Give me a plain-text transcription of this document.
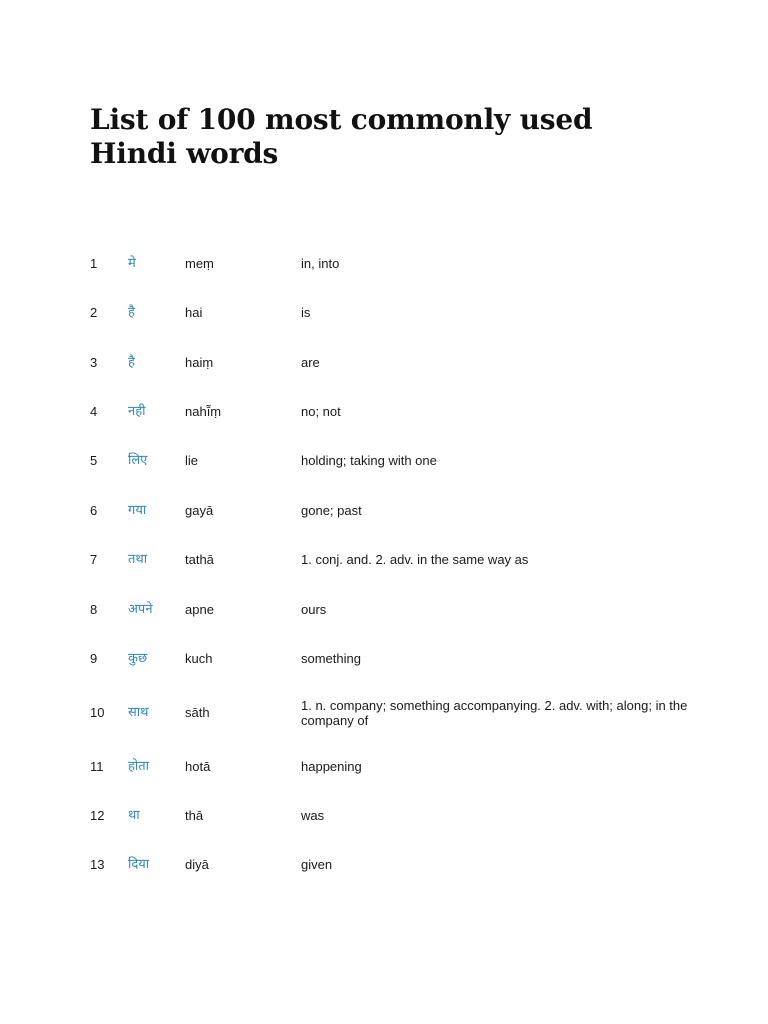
List of 100 most commonly used
Hindi words
1	मे	meṃ	in, into
2	है	hai	is
3	है	haiṃ	are
4	नही	nahī̃ṃ	no; not
5	लिए	lie	holding; taking with one
6	गया	gayā	gone; past
7	तथा	tathā	1. conj. and. 2. adv. in the same way as
8	अपने	apne	ours
9	कुछ	kuch	something
10	साथ	sāth	1. n. company; something accompanying. 2. adv. with; along; in the company of
11	होता	hotā	happening
12	था	thā	was
13	दिया	diyā	given
